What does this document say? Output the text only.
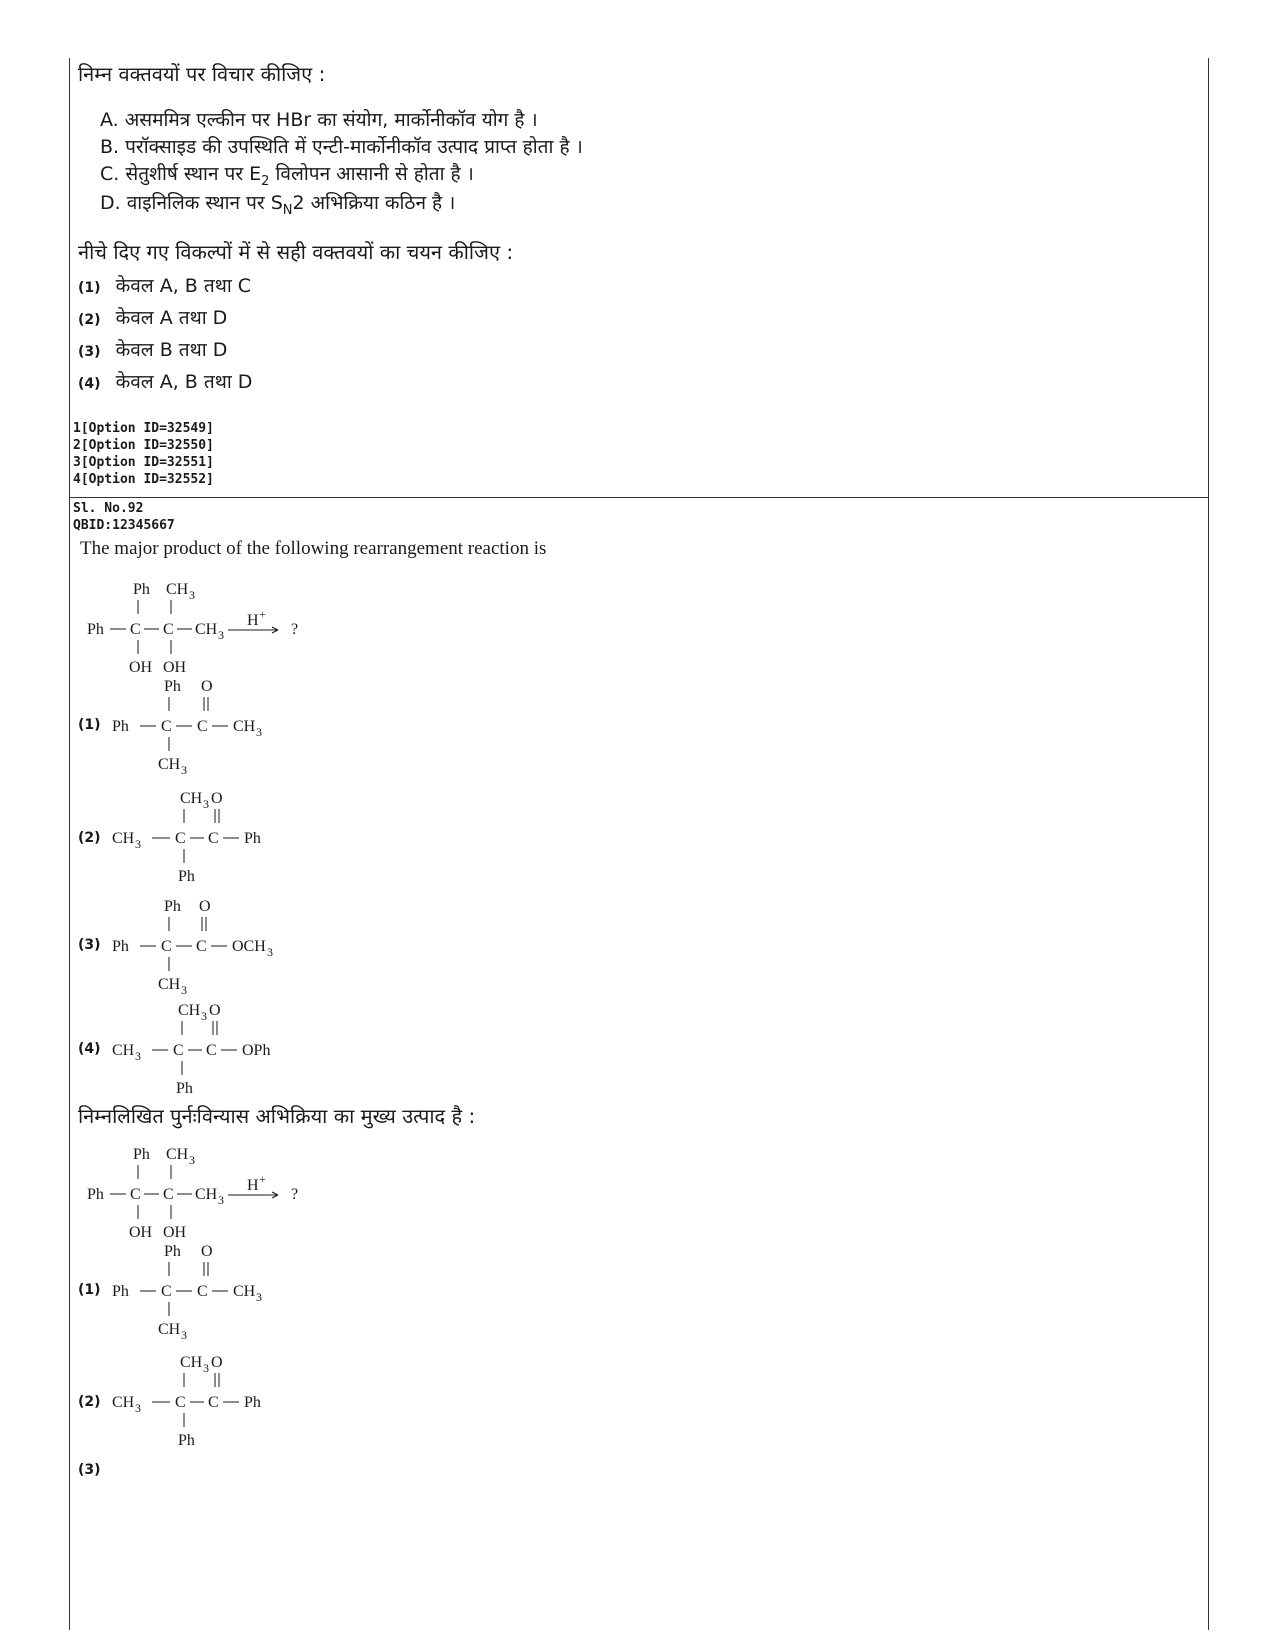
निम्न वक्तवयों पर विचार कीजिए :
A. असममित्र एल्कीन पर HBr का संयोग, मार्कोनीकॉव योग है ।
B. परॉक्साइड की उपस्थिति में एन्टी-मार्कोनीकॉव उत्पाद प्राप्त होता है ।
C. सेतुशीर्ष स्थान पर $E_2$ विलोपन आसानी से होता है ।
D. वाइनिलिक स्थान पर $S_N2$ अभिक्रिया कठिन है ।
नीचे दिए गए विकल्पों में से सही वक्तवयों का चयन कीजिए :
(1) केवल A, B तथा C
(2) केवल A तथा D
(3) केवल B तथा D
(4) केवल A, B तथा D
1[Option ID=32549]
2[Option ID=32550]
3[Option ID=32551]
4[Option ID=32552]
Sl. No.92
QBID:12345667
The major product of the following rearrangement reaction is
Ph CH 3
Ph C C CH 3
H +
?
OH OH
(1)
Ph O
Ph C C CH 3
CH 3
(2)
CH 3 O
CH 3 C C Ph
Ph
(3)
Ph O
Ph C C OCH 3
CH 3
(4)
CH 3 O
CH 3 C C OPh
Ph
निम्नलिखित पुर्नःविन्यास अभिक्रिया का मुख्य उत्पाद है :
Ph CH 3
Ph C C CH 3
H +
?
OH OH
(1)
Ph O
Ph C C CH 3
CH 3
(2)
CH 3 O
CH 3 C C Ph
Ph
(3)
